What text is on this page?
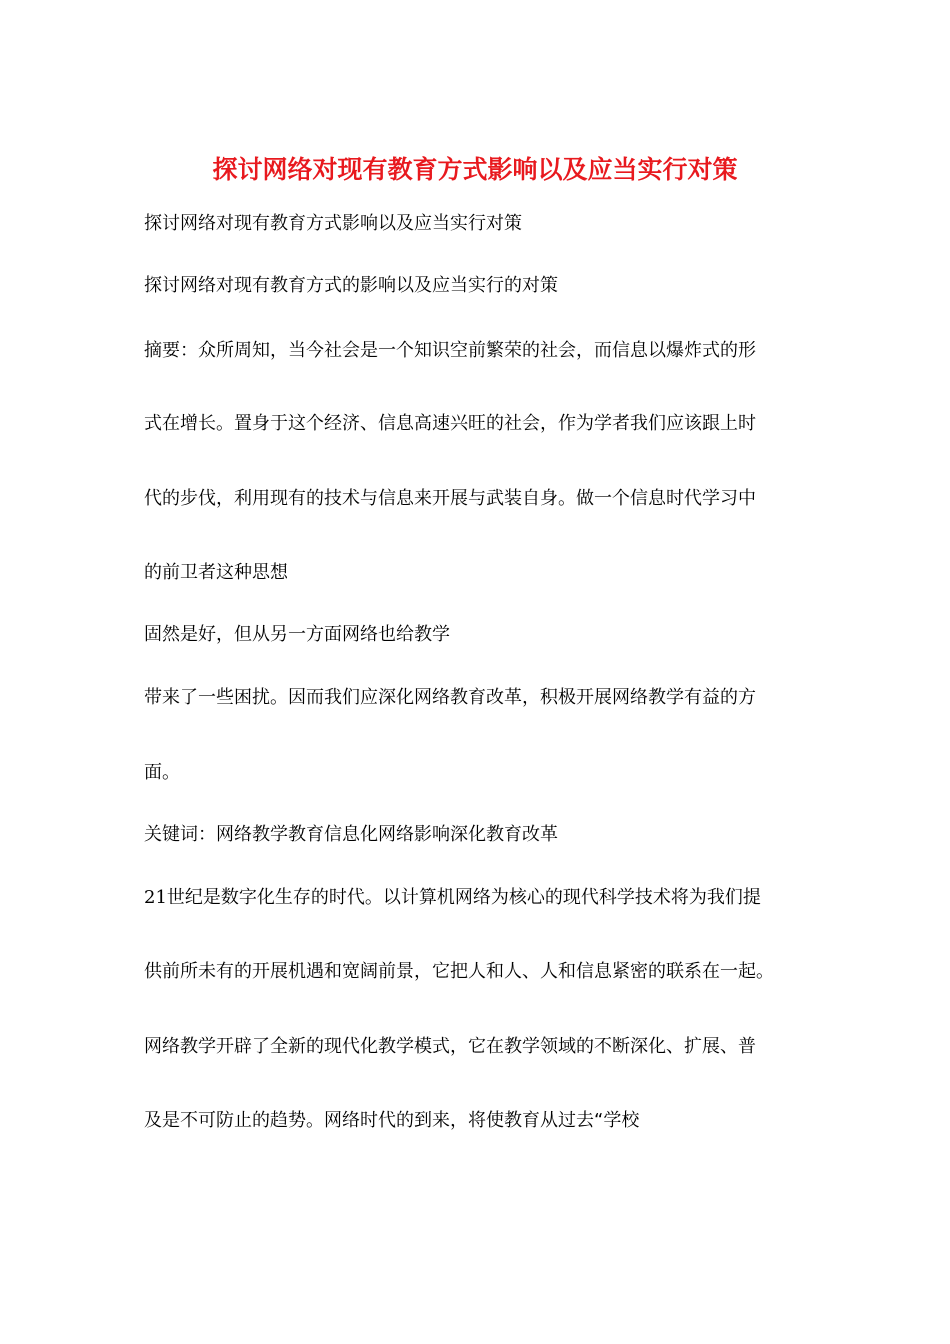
探讨网络对现有教育方式影响以及应当实行对策
探讨网络对现有教育方式影响以及应当实行对策
探讨网络对现有教育方式的影响以及应当实行的对策
摘要：众所周知，当今社会是一个知识空前繁荣的社会，而信息以爆炸式的形
式在增长。置身于这个经济、信息高速兴旺的社会，作为学者我们应该跟上时
代的步伐，利用现有的技术与信息来开展与武装自身。做一个信息时代学习中
的前卫者这种思想
固然是好，但从另一方面网络也给教学
带来了一些困扰。因而我们应深化网络教育改革，积极开展网络教学有益的方
面。
关键词：网络教学教育信息化网络影响深化教育改革
21世纪是数字化生存的时代。以计算机网络为核心的现代科学技术将为我们提
供前所未有的开展机遇和宽阔前景，它把人和人、人和信息紧密的联系在一起。
网络教学开辟了全新的现代化教学模式，它在教学领域的不断深化、扩展、普
及是不可防止的趋势。网络时代的到来，将使教育从过去“学校
